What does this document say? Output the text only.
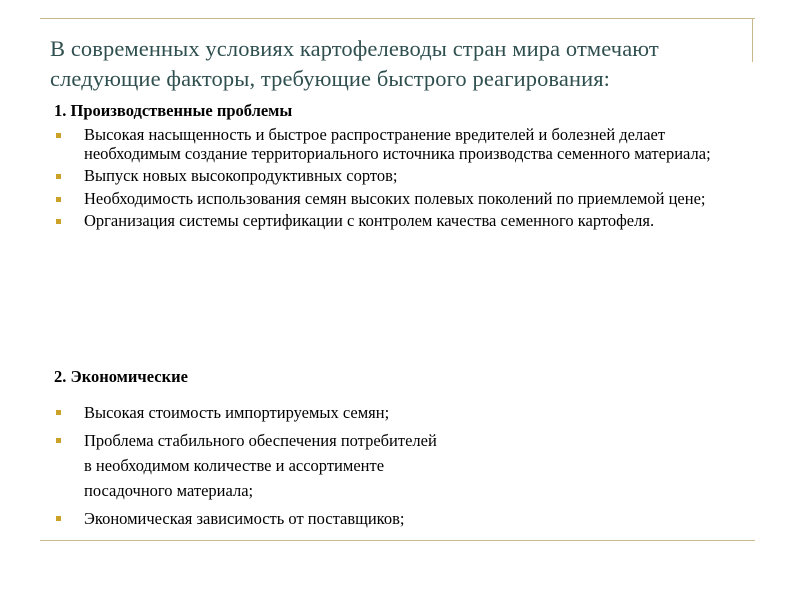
В современных условиях картофелеводы стран мира отмечают следующие факторы, требующие быстрого реагирования:
1. Производственные проблемы
Высокая насыщенность и быстрое распространение вредителей и болезней делает необходимым создание территориального источника производства семенного материала;
Выпуск новых высокопродуктивных сортов;
Необходимость использования семян высоких полевых поколений по приемлемой цене;
Организация системы сертификации с контролем качества семенного картофеля.
2. Экономические
Высокая стоимость импортируемых семян;
Проблема стабильного обеспечения потребителей
в необходимом количестве и ассортименте
посадочного материала;
Экономическая зависимость от поставщиков;
